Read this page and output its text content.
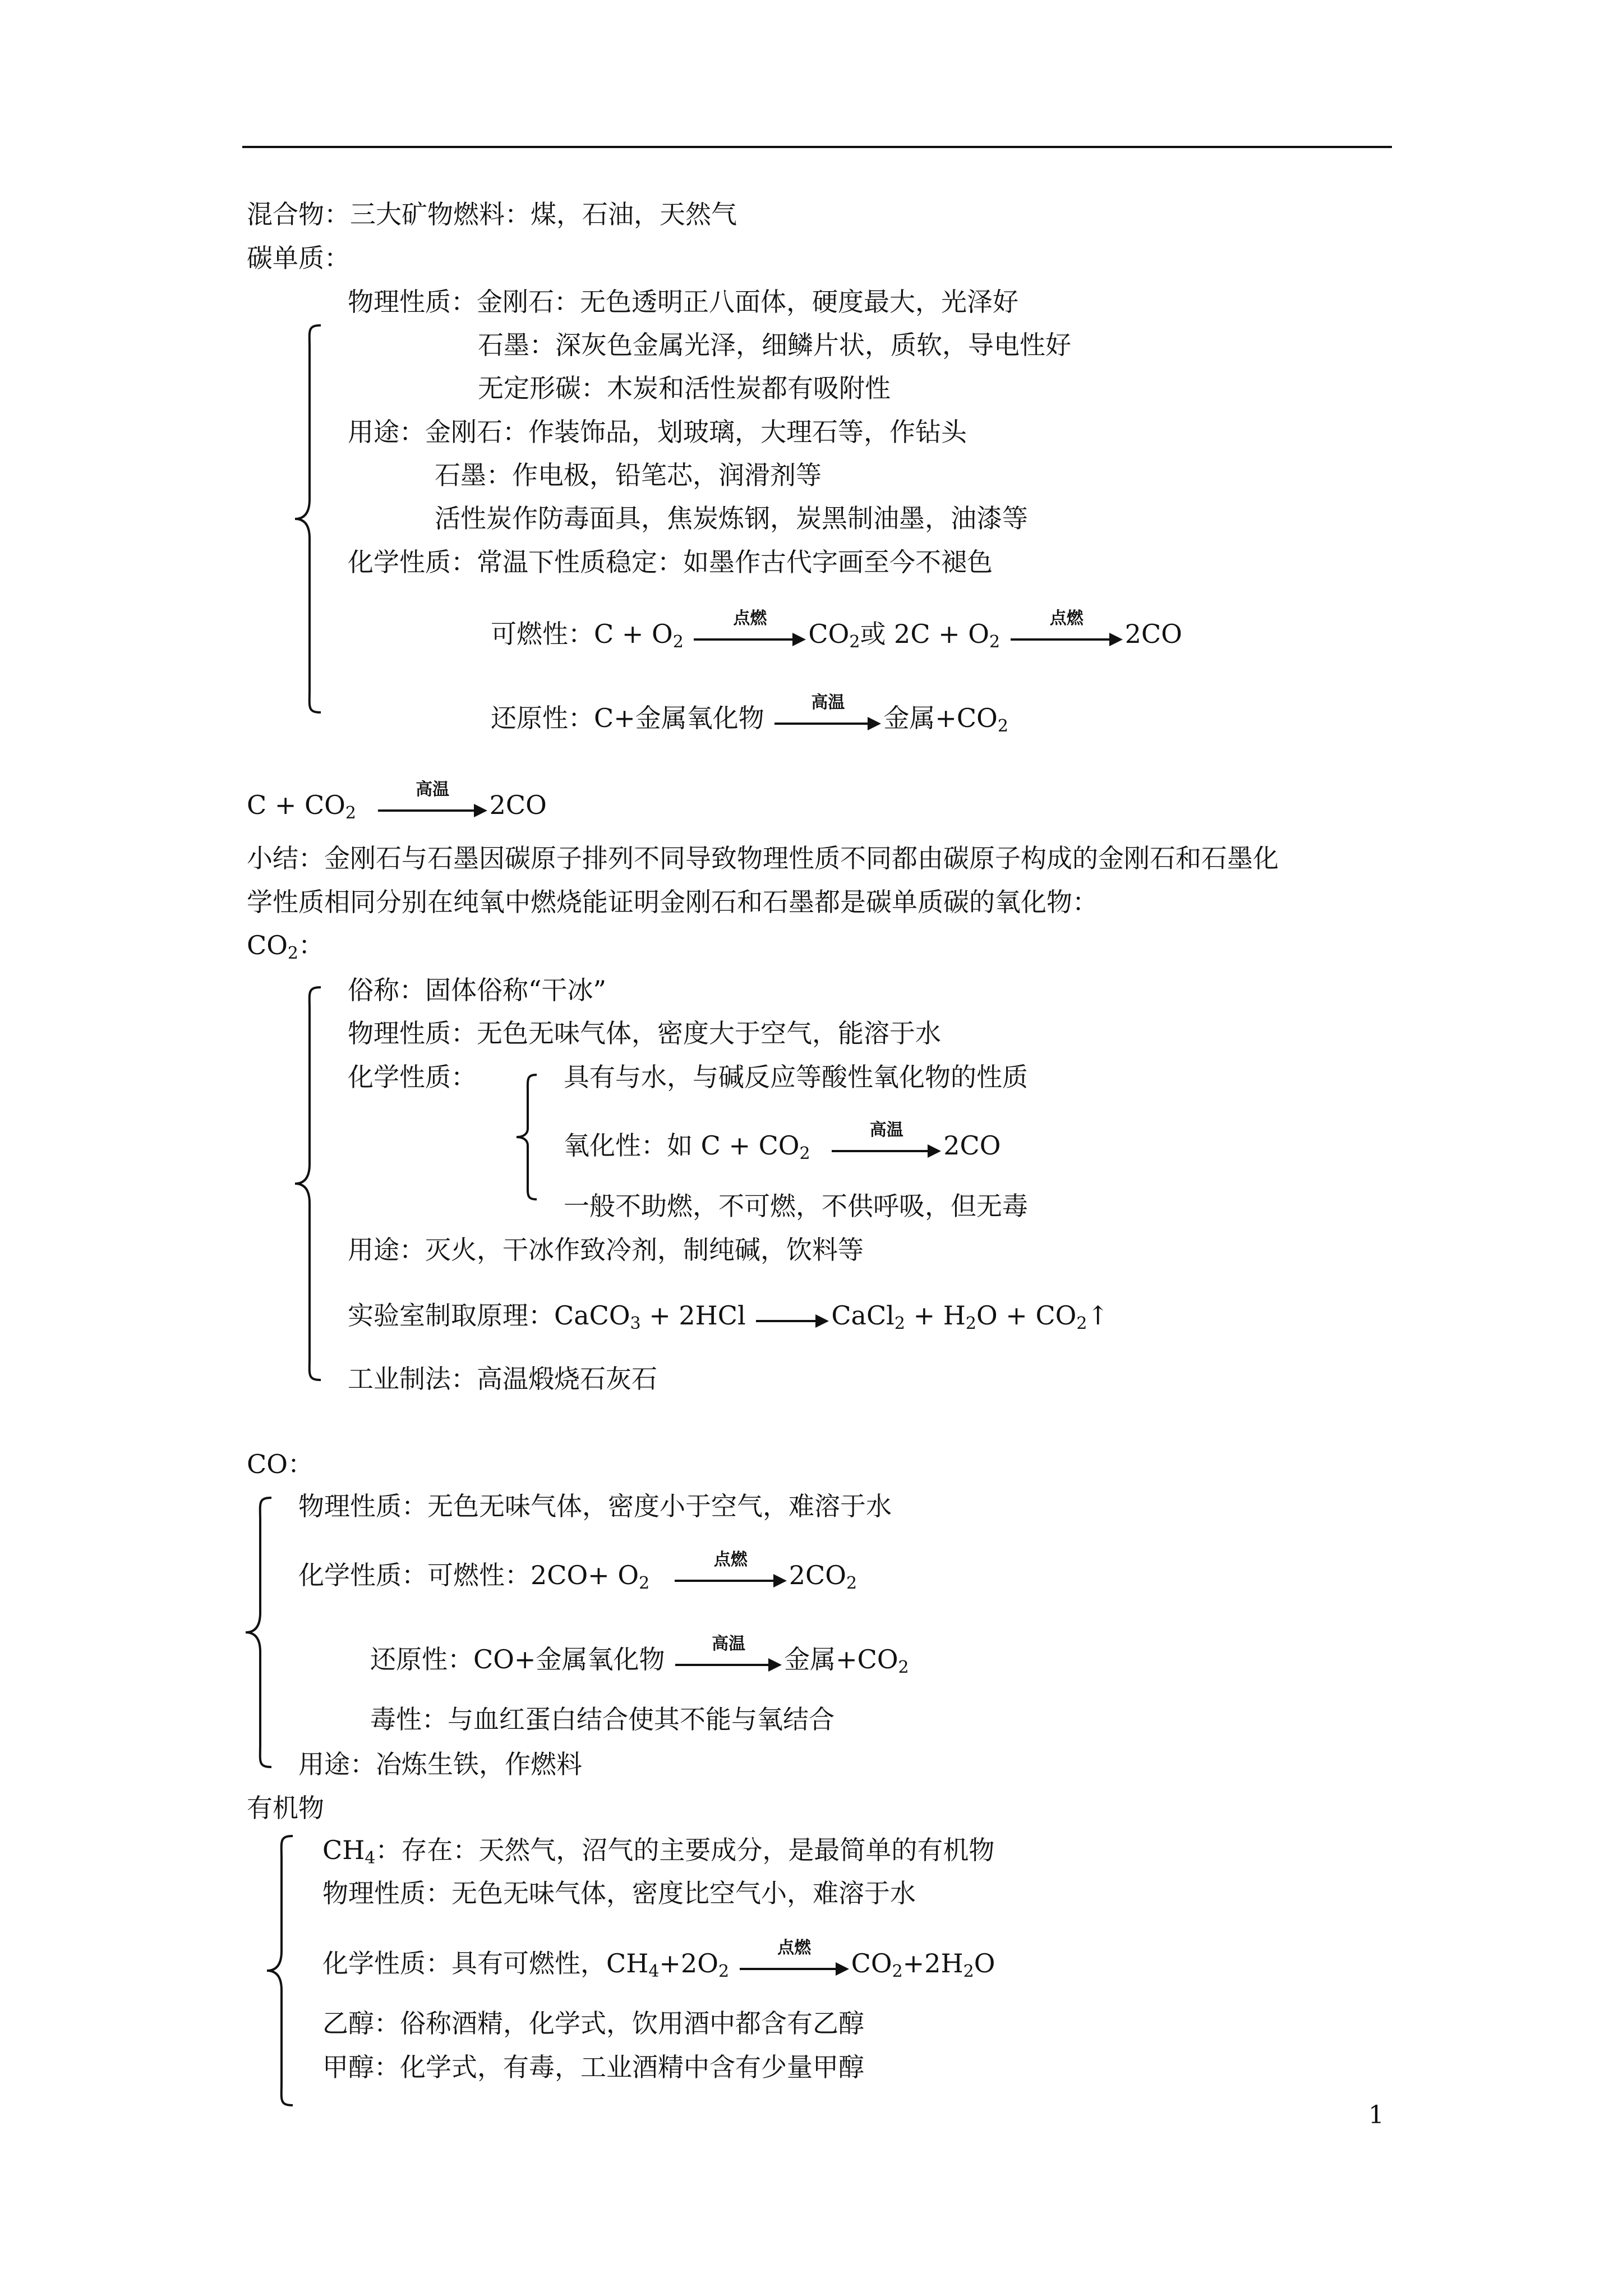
混合物：三大矿物燃料：煤，石油，天然气
碳单质：
物理性质：金刚石：无色透明正八面体，硬度最大，光泽好
石墨：深灰色金属光泽，细鳞片状，质软，导电性好
无定形碳：木炭和活性炭都有吸附性
用途：金刚石：作装饰品，划玻璃，大理石等，作钻头
石墨：作电极，铅笔芯，润滑剂等
活性炭作防毒面具，焦炭炼钢，炭黑制油墨，油漆等
化学性质：常温下性质稳定：如墨作古代字画至今不褪色
可燃性：$C + O_2$
点燃
$CO_2$或 $2C + O_2$
点燃
2CO
还原性：C+金属氧化物
高温
金属$+CO_2$
$C + CO_2$
高温
2CO
小结：金刚石与石墨因碳原子排列不同导致物理性质不同都由碳原子构成的金刚石和石墨化
学性质相同分别在纯氧中燃烧能证明金刚石和石墨都是碳单质碳的氧化物：
$CO_2$：
俗称：固体俗称“干冰”
物理性质：无色无味气体，密度大于空气，能溶于水
化学性质：	具有与水，与碱反应等酸性氧化物的性质
氧化性：如 $C + CO_2$
高温
2CO
一般不助燃，不可燃，不供呼吸，但无毒
用途：灭火，干冰作致冷剂，制纯碱，饮料等
实验室制取原理：CaCO$_3$ + 2HCl	CaCl$_2$ + $H_2O$ + $CO_2↑$
工业制法：高温煅烧石灰石
CO：
物理性质：无色无味气体，密度小于空气，难溶于水
化学性质：可燃性：$2CO+ O_2$
点燃
$2CO_2$
还原性：CO+金属氧化物
高温
金属$+CO_2$
毒性：与血红蛋白结合使其不能与氧结合
用途：冶炼生铁，作燃料
有机物
$CH_4$：存在：天然气，沼气的主要成分，是最简单的有机物
物理性质：无色无味气体，密度比空气小，难溶于水
化学性质：具有可燃性，$CH_4+2O_2$
点燃
$CO_2+2H_2O$
乙醇：俗称酒精，化学式，饮用酒中都含有乙醇
甲醇：化学式，有毒，工业酒精中含有少量甲醇
1
